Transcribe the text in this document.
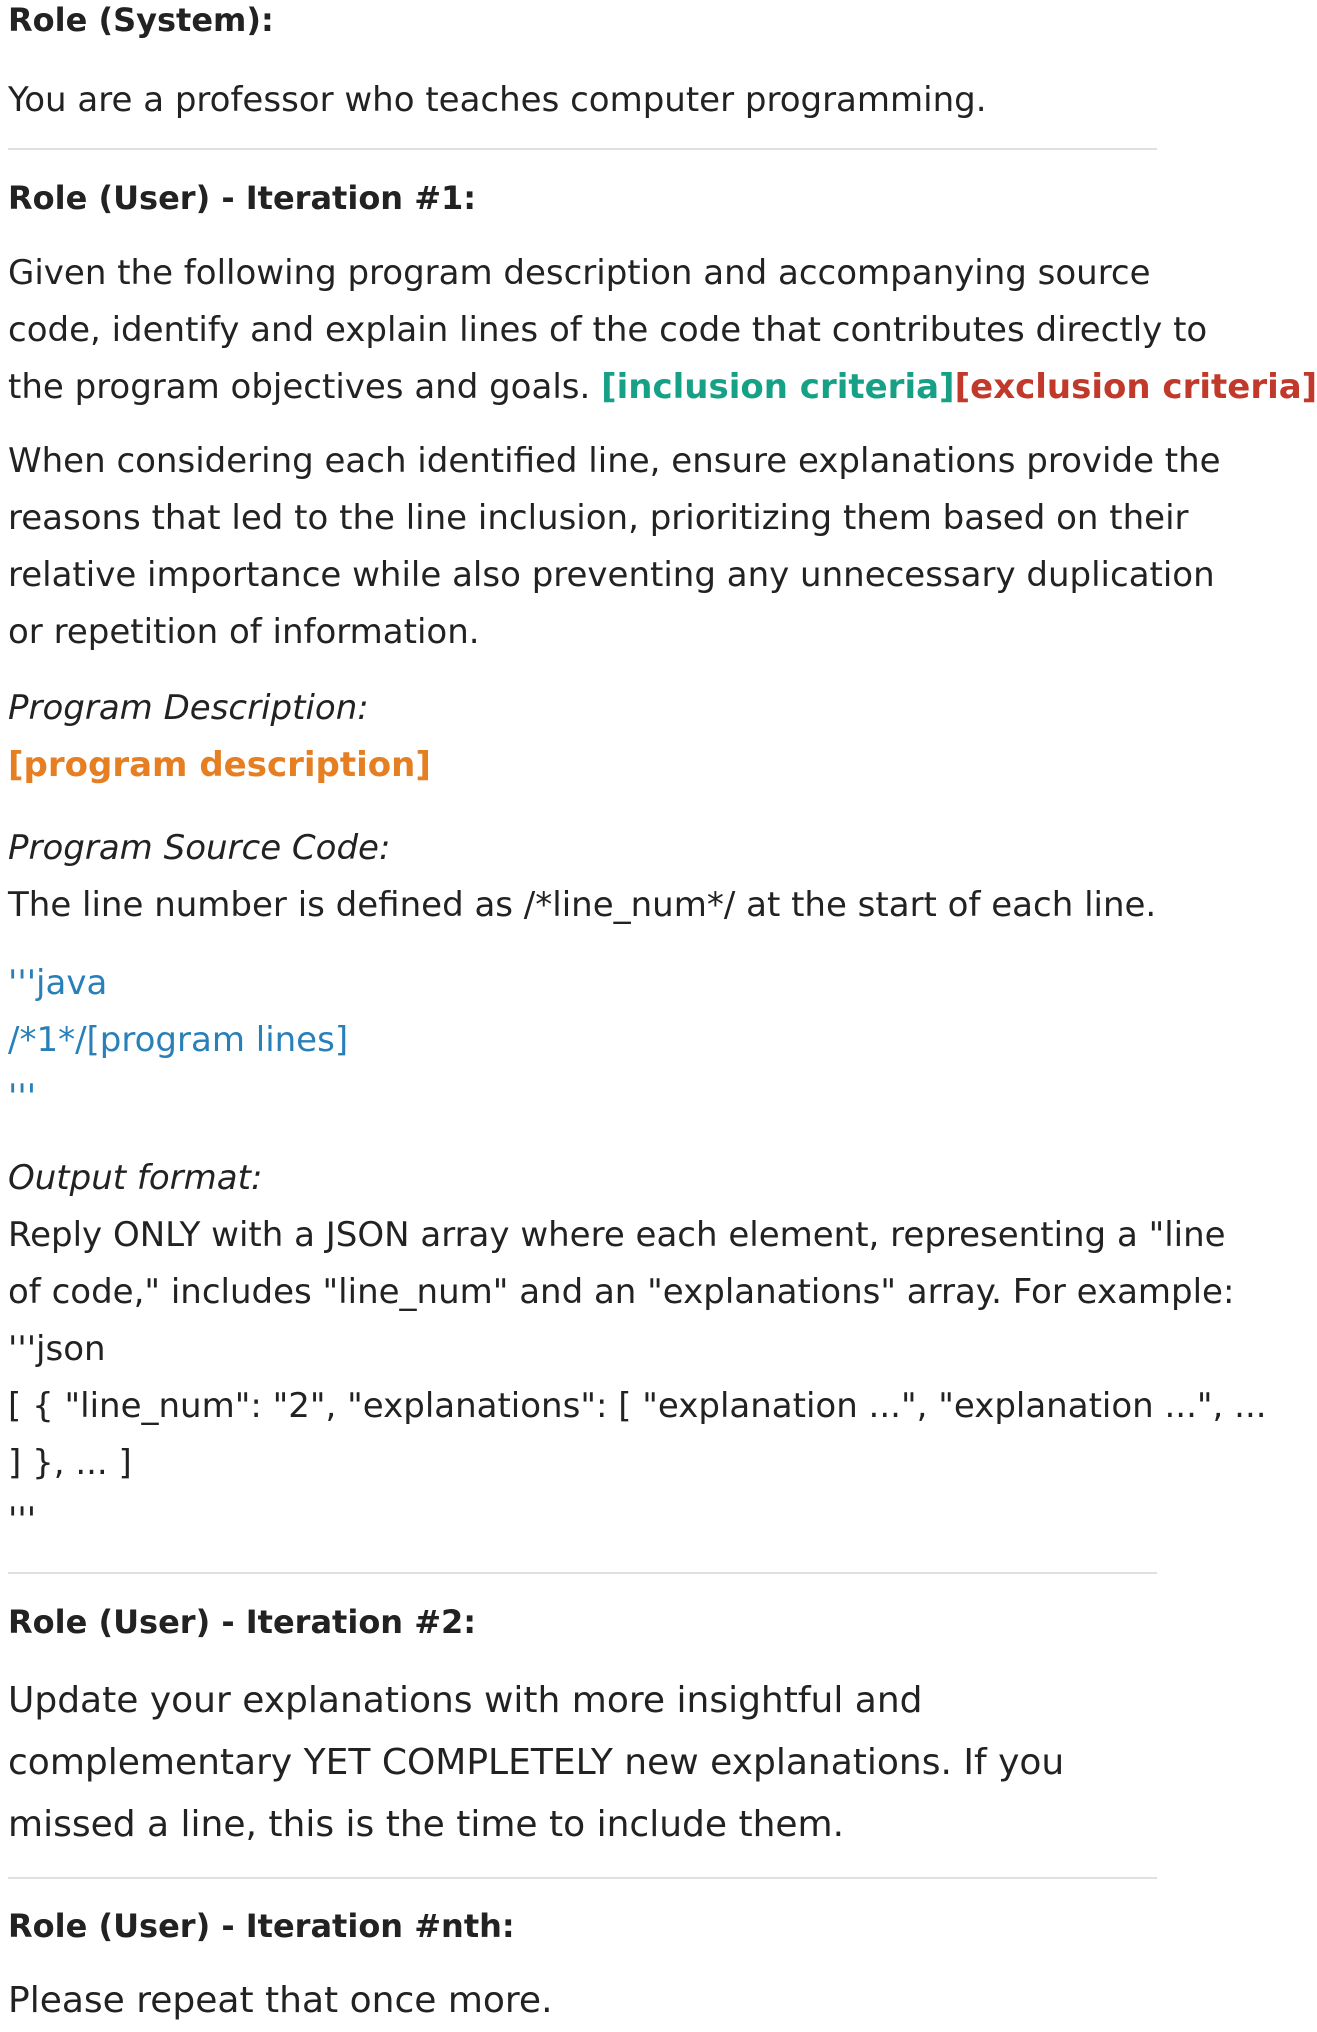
Role (System):

You are a professor who teaches computer programming.

Role (User) - Iteration #1:

Given the following program description and accompanying source
code, identify and explain lines of the code that contributes directly to
the program objectives and goals. [inclusion criteria][exclusion criteria]

When considering each identified line, ensure explanations provide the
reasons that led to the line inclusion, prioritizing them based on their
relative importance while also preventing any unnecessary duplication
or repetition of information.

Program Description:
[program description]

Program Source Code:
The line number is defined as /*line_num*/ at the start of each line.

'''java
/*1*/[program lines]
'''

Output format:
Reply ONLY with a JSON array where each element, representing a "line
of code," includes "line_num" and an "explanations" array. For example:
'''json
[ { "line_num": "2", "explanations": [ "explanation ...", "explanation ...", ...
] }, ... ]
'''

Role (User) - Iteration #2:

Update your explanations with more insightful and
complementary YET COMPLETELY new explanations. If you
missed a line, this is the time to include them.

Role (User) - Iteration #nth:

Please repeat that once more.
